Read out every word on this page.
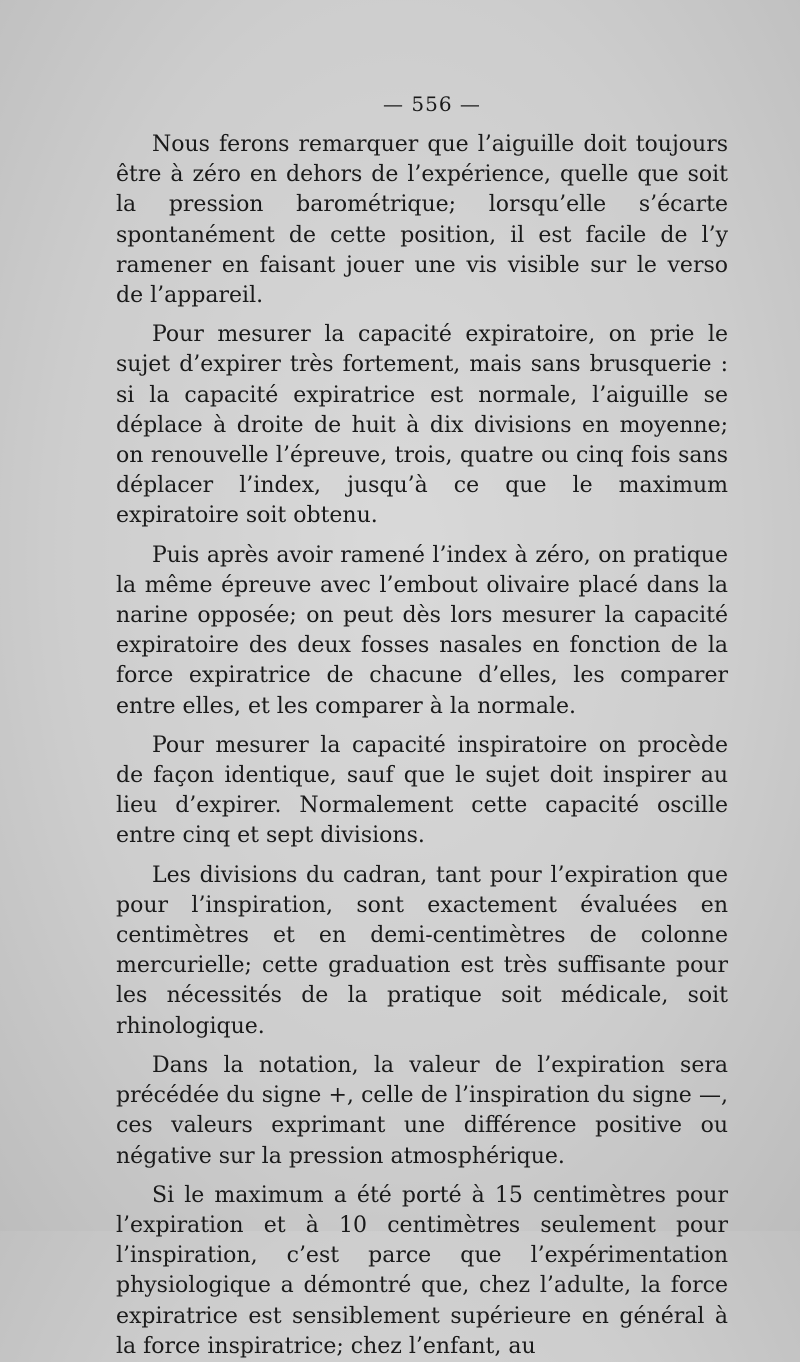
— 556 —

Nous ferons remarquer que l’aiguille doit toujours être à zéro en dehors de l’expérience, quelle que soit la pression barométrique; lorsqu’elle s’écarte spontanément de cette position, il est facile de l’y ramener en faisant jouer une vis visible sur le verso de l’appareil.

Pour mesurer la capacité expiratoire, on prie le sujet d’expirer très fortement, mais sans brusquerie : si la capacité expiratrice est normale, l’aiguille se déplace à droite de huit à dix divisions en moyenne; on renouvelle l’épreuve, trois, quatre ou cinq fois sans déplacer l’index, jusqu’à ce que le maximum expiratoire soit obtenu.

Puis après avoir ramené l’index à zéro, on pratique la même épreuve avec l’embout olivaire placé dans la narine opposée; on peut dès lors mesurer la capacité expiratoire des deux fosses nasales en fonction de la force expiratrice de chacune d’elles, les comparer entre elles, et les comparer à la normale.

Pour mesurer la capacité inspiratoire on procède de façon identique, sauf que le sujet doit inspirer au lieu d’expirer. Normalement cette capacité oscille entre cinq et sept divisions.

Les divisions du cadran, tant pour l’expiration que pour l’inspiration, sont exactement évaluées en centimètres et en demi-centimètres de colonne mercurielle; cette graduation est très suffisante pour les nécessités de la pratique soit médicale, soit rhinologique.

Dans la notation, la valeur de l’expiration sera précédée du signe +, celle de l’inspiration du signe —, ces valeurs exprimant une différence positive ou négative sur la pression atmosphérique.

Si le maximum a été porté à 15 centimètres pour l’expiration et à 10 centimètres seulement pour l’inspiration, c’est parce que l’expérimentation physiologique a démontré que, chez l’adulte, la force expiratrice est sensiblement supérieure en général à la force inspiratrice; chez l’enfant, au
